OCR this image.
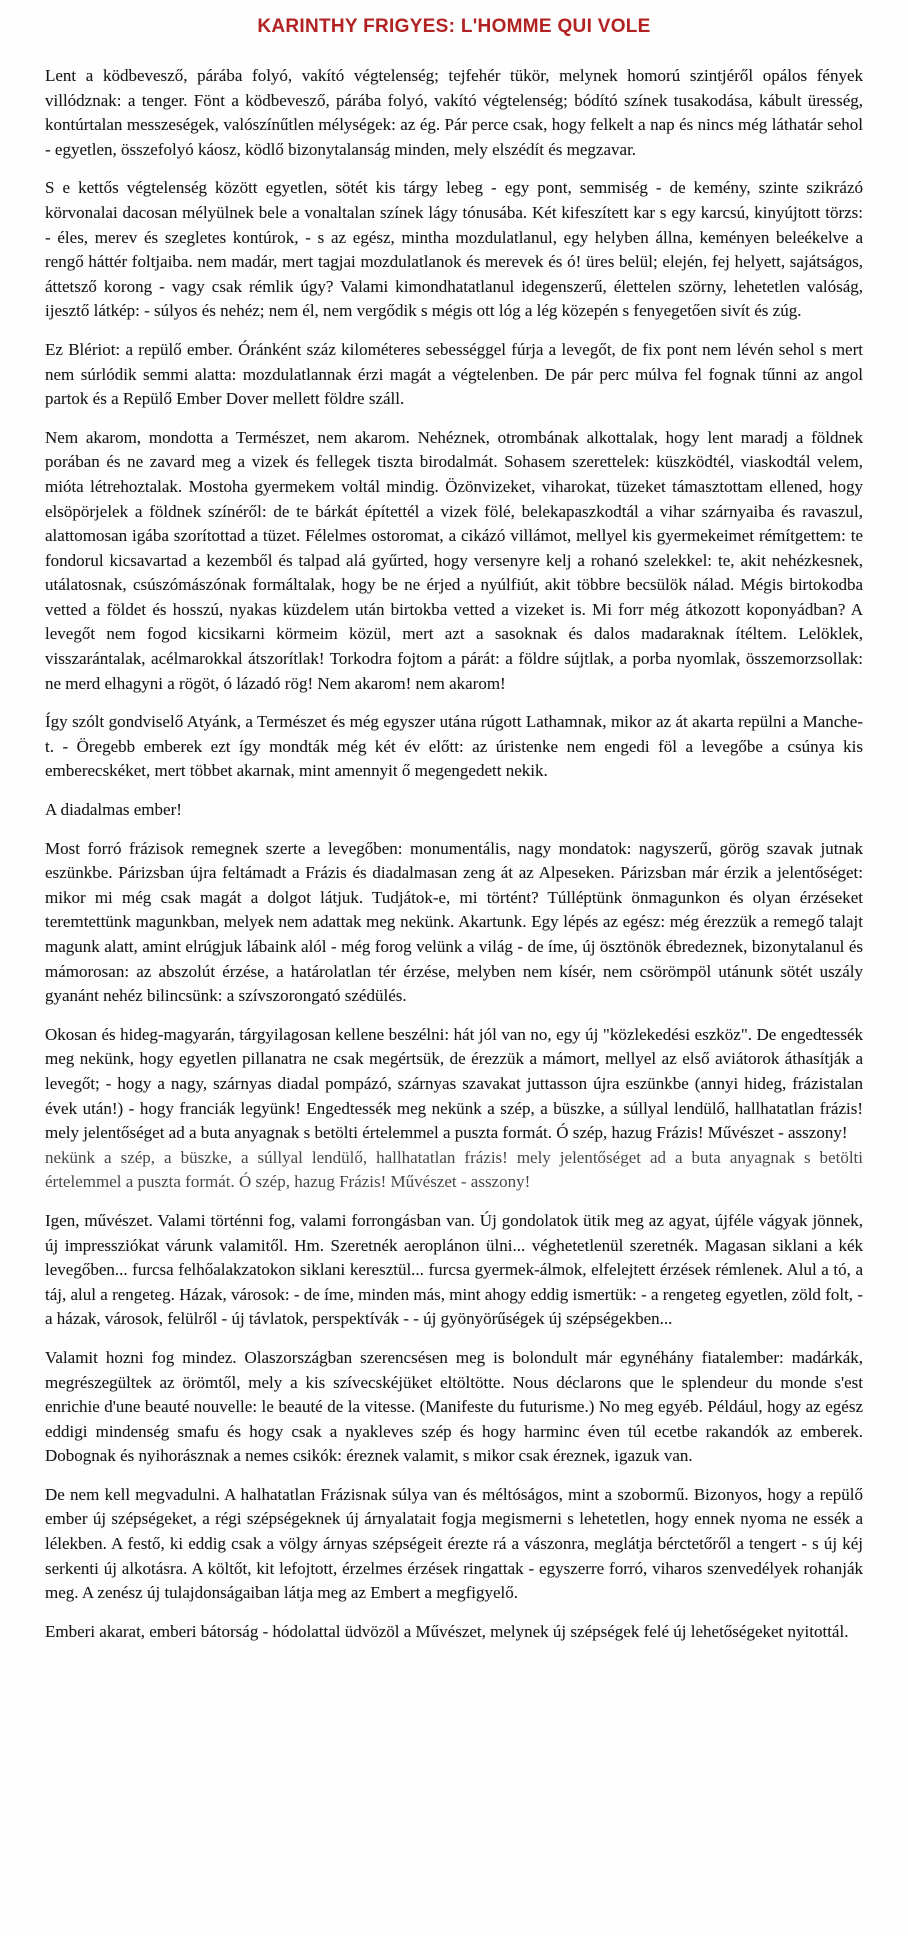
KARINTHY FRIGYES: L'HOMME QUI VOLE

Lent a ködbevesző, párába folyó, vakító végtelenség; tejfehér tükör, melynek homorú szintjéről opálos fények villódznak: a tenger. Fönt a ködbevesző, párába folyó, vakító végtelenség; bódító színek tusakodása, kábult üresség, kontúrtalan messzeségek, valószínűtlen mélységek: az ég. Pár perce csak, hogy felkelt a nap és nincs még láthatár sehol - egyetlen, összefolyó káosz, ködlő bizonytalanság minden, mely elszédít és megzavar.

S e kettős végtelenség között egyetlen, sötét kis tárgy lebeg - egy pont, semmiség - de kemény, szinte szikrázó körvonalai dacosan mélyülnek bele a vonaltalan színek lágy tónusába. Két kifeszített kar s egy karcsú, kinyújtott törzs: - éles, merev és szegletes kontúrok, - s az egész, mintha mozdulatlanul, egy helyben állna, keményen beleékelve a rengő háttér foltjaiba. nem madár, mert tagjai mozdulatlanok és merevek és ó! üres belül; elején, fej helyett, sajátságos, áttetsző korong - vagy csak rémlik úgy? Valami kimondhatatlanul idegenszerű, élettelen szörny, lehetetlen valóság, ijesztő látkép: - súlyos és nehéz; nem él, nem vergődik s mégis ott lóg a lég közepén s fenyegetően sivít és zúg.

Ez Blériot: a repülő ember. Óránként száz kilométeres sebességgel fúrja a levegőt, de fix pont nem lévén sehol s mert nem súrlódik semmi alatta: mozdulatlannak érzi magát a végtelenben. De pár perc múlva fel fognak tűnni az angol partok és a Repülő Ember Dover mellett földre száll.

Nem akarom, mondotta a Természet, nem akarom. Nehéznek, otrombának alkottalak, hogy lent maradj a földnek porában és ne zavard meg a vizek és fellegek tiszta birodalmát. Sohasem szerettelek: küszködtél, viaskodtál velem, mióta létrehoztalak. Mostoha gyermekem voltál mindig. Özönvizeket, viharokat, tüzeket támasztottam ellened, hogy elsöpörjelek a földnek színéről: de te bárkát építettél a vizek fölé, belekapaszkodtál a vihar szárnyaiba és ravaszul, alattomosan igába szorítottad a tüzet. Félelmes ostoromat, a cikázó villámot, mellyel kis gyermekeimet rémítgettem: te fondorul kicsavartad a kezemből és talpad alá gyűrted, hogy versenyre kelj a rohanó szelekkel: te, akit nehézkesnek, utálatosnak, csúszómászónak formáltalak, hogy be ne érjed a nyúlfiút, akit többre becsülök nálad. Mégis birtokodba vetted a földet és hosszú, nyakas küzdelem után birtokba vetted a vizeket is. Mi forr még átkozott koponyádban? A levegőt nem fogod kicsikarni körmeim közül, mert azt a sasoknak és dalos madaraknak ítéltem. Lelöklek, visszarántalak, acélmarokkal átszorítlak! Torkodra fojtom a párát: a földre sújtlak, a porba nyomlak, összemorzsollak: ne merd elhagyni a rögöt, ó lázadó rög! Nem akarom! nem akarom!

Így szólt gondviselő Atyánk, a Természet és még egyszer utána rúgott Lathamnak, mikor az át akarta repülni a Manche-t. - Öregebb emberek ezt így mondták még két év előtt: az úristenke nem engedi föl a levegőbe a csúnya kis emberecskéket, mert többet akarnak, mint amennyit ő megengedett nekik.

A diadalmas ember!

Most forró frázisok remegnek szerte a levegőben: monumentális, nagy mondatok: nagyszerű, görög szavak jutnak eszünkbe. Párizsban újra feltámadt a Frázis és diadalmasan zeng át az Alpeseken. Párizsban már érzik a jelentőséget: mikor mi még csak magát a dolgot látjuk. Tudjátok-e, mi történt? Túlléptünk önmagunkon és olyan érzéseket teremtettünk magunkban, melyek nem adattak meg nekünk. Akartunk. Egy lépés az egész: még érezzük a remegő talajt magunk alatt, amint elrúgjuk lábaink alól - még forog velünk a világ - de íme, új ösztönök ébredeznek, bizonytalanul és mámorosan: az abszolút érzése, a határolatlan tér érzése, melyben nem kísér, nem csörömpöl utánunk sötét uszály gyanánt nehéz bilincsünk: a szívszorongató szédülés.

Okosan és hideg-magyarán, tárgyilagosan kellene beszélni: hát jól van no, egy új "közlekedési eszköz". De engedtessék meg nekünk, hogy egyetlen pillanatra ne csak megértsük, de érezzük a mámort, mellyel az első aviátorok áthasítják a levegőt; - hogy a nagy, szárnyas diadal pompázó, szárnyas szavakat juttasson újra eszünkbe (annyi hideg, frázistalan évek után!) - hogy franciák legyünk! Engedtessék meg nekünk a szép, a büszke, a súllyal lendülő, hallhatatlan frázis! mely jelentőséget ad a buta anyagnak s betölti értelemmel a puszta formát. Ó szép, hazug Frázis! Művészet - asszony!

nekünk a szép, a büszke, a súllyal lendülő, hallhatatlan frázis! mely jelentőséget ad a buta anyagnak s betölti értelemmel a puszta formát. Ó szép, hazug Frázis! Művészet - asszony!

Igen, művészet. Valami történni fog, valami forrongásban van. Új gondolatok ütik meg az agyat, újféle vágyak jönnek, új impressziókat várunk valamitől. Hm. Szeretnék aeroplánon ülni... véghetetlenül szeretnék. Magasan siklani a kék levegőben... furcsa felhőalakzatokon siklani keresztül... furcsa gyermek-álmok, elfelejtett érzések rémlenek. Alul a tó, a táj, alul a rengeteg. Házak, városok: - de íme, minden más, mint ahogy eddig ismertük: - a rengeteg egyetlen, zöld folt, - a házak, városok, felülről - új távlatok, perspektívák - - új gyönyörűségek új szépségekben...

Valamit hozni fog mindez. Olaszországban szerencsésen meg is bolondult már egynéhány fiatalember: madárkák, megrészegültek az örömtől, mely a kis szívecskéjüket eltöltötte. Nous déclarons que le splendeur du monde s'est enrichie d'une beauté nouvelle: le beauté de la vitesse. (Manifeste du futurisme.) No meg egyéb. Például, hogy az egész eddigi mindenség smafu és hogy csak a nyakleves szép és hogy harminc éven túl ecetbe rakandók az emberek. Dobognak és nyihorásznak a nemes csikók: éreznek valamit, s mikor csak éreznek, igazuk van.

De nem kell megvadulni. A halhatatlan Frázisnak súlya van és méltóságos, mint a szobormű. Bizonyos, hogy a repülő ember új szépségeket, a régi szépségeknek új árnyalatait fogja megismerni s lehetetlen, hogy ennek nyoma ne essék a lélekben. A festő, ki eddig csak a völgy árnyas szépségeit érezte rá a vászonra, meglátja bérctetőről a tengert - s új kéj serkenti új alkotásra. A költőt, kit lefojtott, érzelmes érzések ringattak - egyszerre forró, viharos szenvedélyek rohanják meg. A zenész új tulajdonságaiban látja meg az Embert a megfigyelő.

Emberi akarat, emberi bátorság - hódolattal üdvözöl a Művészet, melynek új szépségek felé új lehetőségeket nyitottál.
